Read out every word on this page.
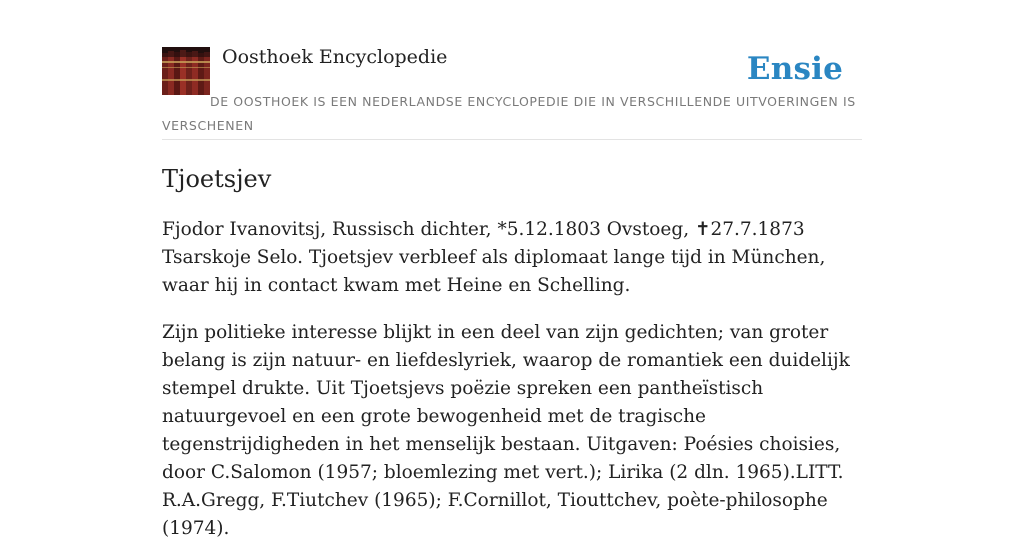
Oosthoek Encyclopedie	Ensie
DE OOSTHOEK IS EEN NEDERLANDSE ENCYCLOPEDIE DIE IN VERSCHILLENDE UITVOERINGEN IS VERSCHENEN
Tjoetsjev

Fjodor Ivanovitsj, Russisch dichter, *5.12.1803 Ovstoeg, ✝27.7.1873 Tsarskoje Selo. Tjoetsjev verbleef als diplomaat lange tijd in München, waar hij in contact kwam met Heine en Schelling.

Zijn politieke interesse blijkt in een deel van zijn gedichten; van groter belang is zijn natuur- en liefdeslyriek, waarop de romantiek een duidelijk stempel drukte. Uit Tjoetsjevs poëzie spreken een pantheïstisch natuurgevoel en een grote bewogenheid met de tragische tegenstrijdigheden in het menselijk bestaan. Uitgaven: Poésies choisies, door C.Salomon (1957; bloemlezing met vert.); Lirika (2 dln. 1965).LITT. R.A.Gregg, F.Tiutchev (1965); F.Cornillot, Tiouttchev, poète-philosophe (1974).
